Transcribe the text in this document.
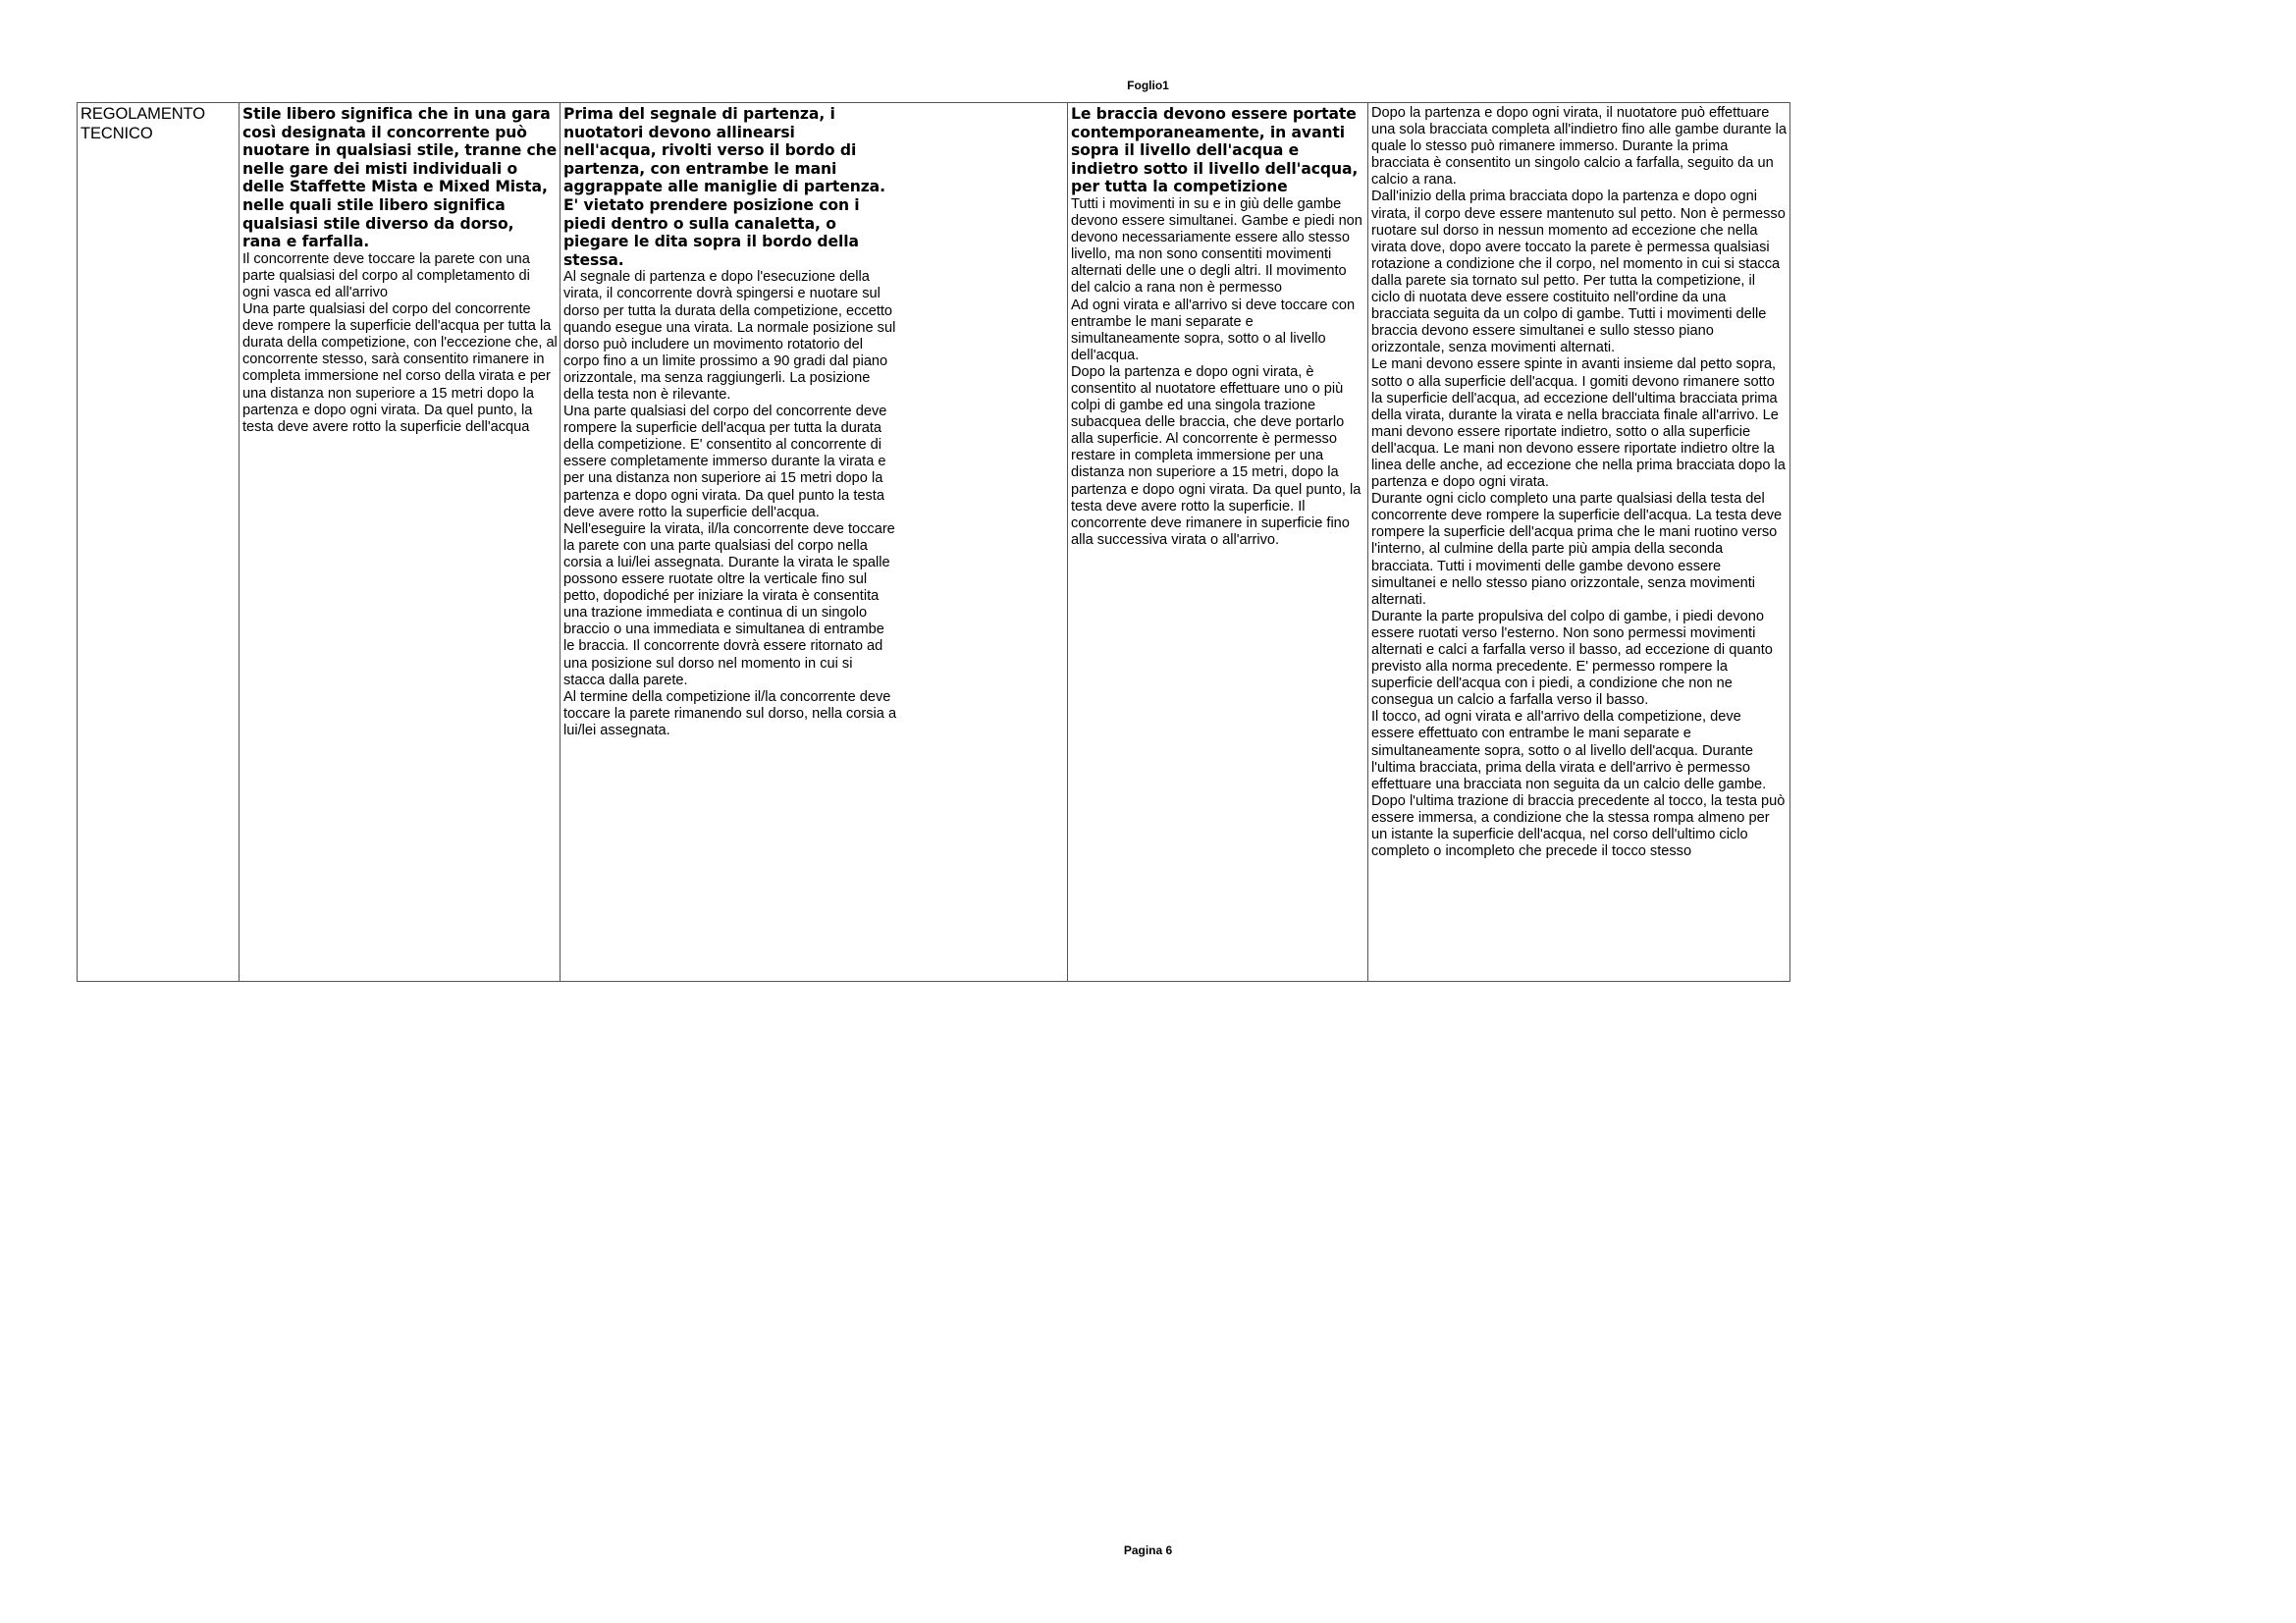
Foglio1
REGOLAMENTO TECNICO
Stile libero significa che in una gara così designata il concorrente può nuotare in qualsiasi stile, tranne che nelle gare dei misti individuali o delle Staffette Mista e Mixed Mista, nelle quali stile libero significa qualsiasi stile diverso da dorso, rana e farfalla.

Il concorrente deve toccare la parete con una parte qualsiasi del corpo al completamento di ogni vasca ed all'arrivo

Una parte qualsiasi del corpo del concorrente deve rompere la superficie dell'acqua per tutta la durata della competizione, con l'eccezione che, al concorrente stesso, sarà consentito rimanere in completa immersione nel corso della virata e per una distanza non superiore a 15 metri dopo la partenza e dopo ogni virata. Da quel punto, la testa deve avere rotto la superficie dell'acqua

Prima del segnale di partenza, i nuotatori devono allinearsi nell'acqua, rivolti verso il bordo di partenza, con entrambe le mani aggrappate alle maniglie di partenza. E' vietato prendere posizione con i piedi dentro o sulla canaletta, o piegare le dita sopra il bordo della stessa.

Al segnale di partenza e dopo l'esecuzione della virata, il concorrente dovrà spingersi e nuotare sul dorso per tutta la durata della competizione, eccetto quando esegue una virata. La normale posizione sul dorso può includere un movimento rotatorio del corpo fino a un limite prossimo a 90 gradi dal piano orizzontale, ma senza raggiungerli. La posizione della testa non è rilevante.

Una parte qualsiasi del corpo del concorrente deve rompere la superficie dell'acqua per tutta la durata della competizione. E' consentito al concorrente di essere completamente immerso durante la virata e per una distanza non superiore ai 15 metri dopo la partenza e dopo ogni virata. Da quel punto la testa deve avere rotto la superficie dell'acqua.

Nell'eseguire la virata, il/la concorrente deve toccare la parete con una parte qualsiasi del corpo nella corsia a lui/lei assegnata. Durante la virata le spalle possono essere ruotate oltre la verticale fino sul petto, dopodiché per iniziare la virata è consentita una trazione immediata e continua di un singolo braccio o una immediata e simultanea di entrambe le braccia. Il concorrente dovrà essere ritornato ad una posizione sul dorso nel momento in cui si stacca dalla parete.

Al termine della competizione il/la concorrente deve toccare la parete rimanendo sul dorso, nella corsia a lui/lei assegnata.

Le braccia devono essere portate contemporaneamente, in avanti sopra il livello dell'acqua e indietro sotto il livello dell'acqua, per tutta la competizione

Tutti i movimenti in su e in giù delle gambe devono essere simultanei. Gambe e piedi non devono necessariamente essere allo stesso livello, ma non sono consentiti movimenti alternati delle une o degli altri. Il movimento del calcio a rana non è permesso

Ad ogni virata e all'arrivo si deve toccare con entrambe le mani separate e simultaneamente sopra, sotto o al livello dell'acqua.

Dopo la partenza e dopo ogni virata, è consentito al nuotatore effettuare uno o più colpi di gambe ed una singola trazione subacquea delle braccia, che deve portarlo alla superficie. Al concorrente è permesso restare in completa immersione per una distanza non superiore a 15 metri, dopo la partenza e dopo ogni virata. Da quel punto, la testa deve avere rotto la superficie. Il concorrente deve rimanere in superficie fino alla successiva virata o all'arrivo.

Dopo la partenza e dopo ogni virata, il nuotatore può effettuare una sola bracciata completa all'indietro fino alle gambe durante la quale lo stesso può rimanere immerso. Durante la prima bracciata è consentito un singolo calcio a farfalla, seguito da un calcio a rana.

Dall'inizio della prima bracciata dopo la partenza e dopo ogni virata, il corpo deve essere mantenuto sul petto. Non è permesso ruotare sul dorso in nessun momento ad eccezione che nella virata dove, dopo avere toccato la parete è permessa qualsiasi rotazione a condizione che il corpo, nel momento in cui si stacca dalla parete sia tornato sul petto. Per tutta la competizione, il ciclo di nuotata deve essere costituito nell'ordine da una bracciata seguita da un colpo di gambe. Tutti i movimenti delle braccia devono essere simultanei e sullo stesso piano orizzontale, senza movimenti alternati.

Le mani devono essere spinte in avanti insieme dal petto sopra, sotto o alla superficie dell'acqua. I gomiti devono rimanere sotto la superficie dell'acqua, ad eccezione dell'ultima bracciata prima della virata, durante la virata e nella bracciata finale all'arrivo. Le mani devono essere riportate indietro, sotto o alla superficie dell'acqua. Le mani non devono essere riportate indietro oltre la linea delle anche, ad eccezione che nella prima bracciata dopo la partenza e dopo ogni virata.

Durante ogni ciclo completo una parte qualsiasi della testa del concorrente deve rompere la superficie dell'acqua. La testa deve rompere la superficie dell'acqua prima che le mani ruotino verso l'interno, al culmine della parte più ampia della seconda bracciata. Tutti i movimenti delle gambe devono essere simultanei e nello stesso piano orizzontale, senza movimenti alternati.

Durante la parte propulsiva del colpo di gambe, i piedi devono essere ruotati verso l'esterno. Non sono permessi movimenti alternati e calci a farfalla verso il basso, ad eccezione di quanto previsto alla norma precedente. E' permesso rompere la superficie dell'acqua con i piedi, a condizione che non ne consegua un calcio a farfalla verso il basso.

Il tocco, ad ogni virata e all'arrivo della competizione, deve essere effettuato con entrambe le mani separate e simultaneamente sopra, sotto o al livello dell'acqua. Durante l'ultima bracciata, prima della virata e dell'arrivo è permesso effettuare una bracciata non seguita da un calcio delle gambe. Dopo l'ultima trazione di braccia precedente al tocco, la testa può essere immersa, a condizione che la stessa rompa almeno per un istante la superficie dell'acqua, nel corso dell'ultimo ciclo completo o incompleto che precede il tocco stesso

Pagina 6
